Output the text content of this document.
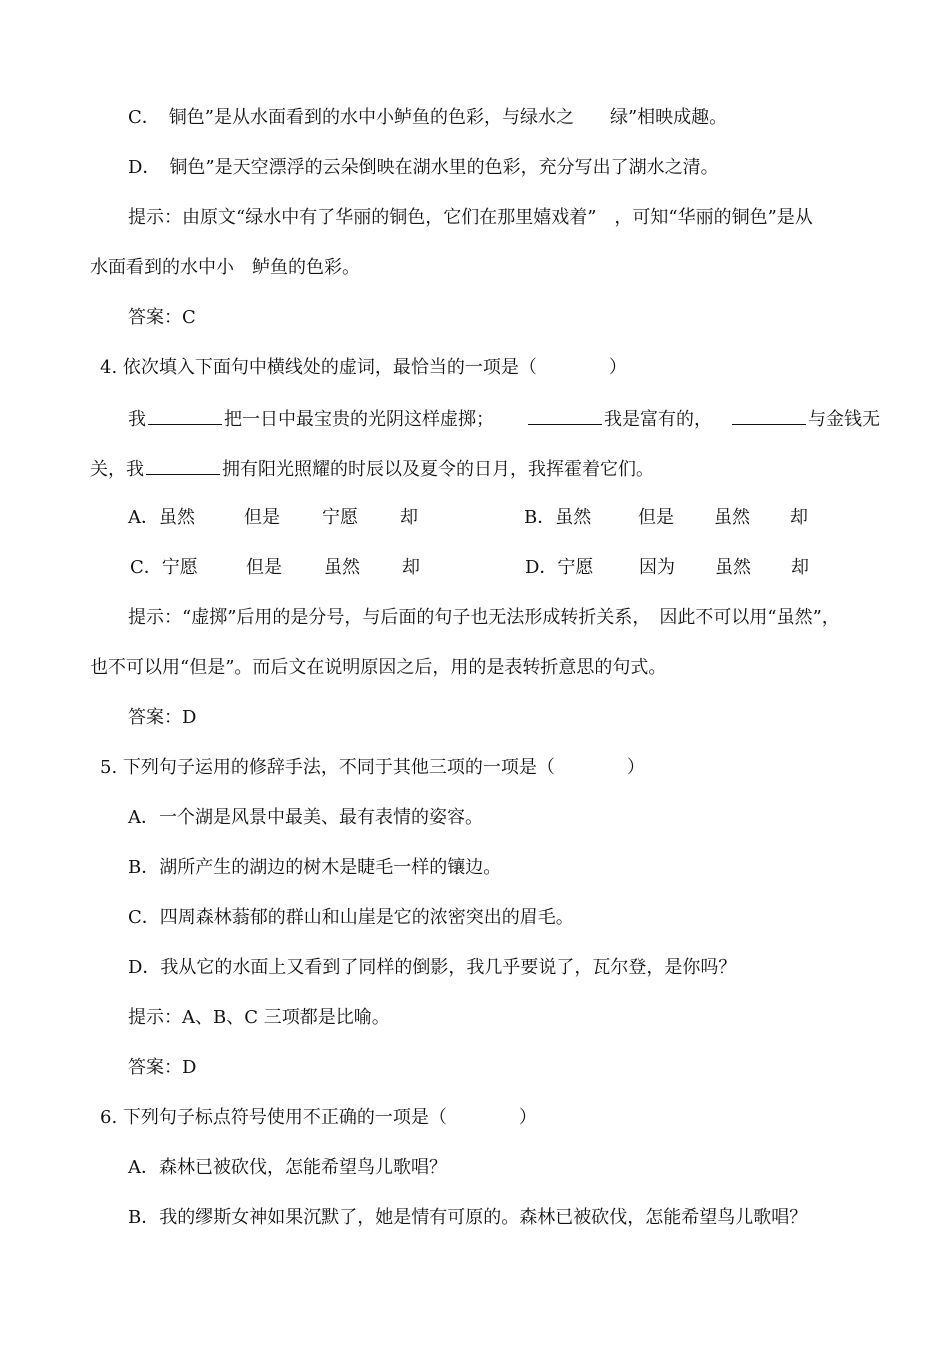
C．　铜色”是从水面看到的水中小鲈鱼的色彩，与绿水之　　绿”相映成趣。
D．　铜色”是天空漂浮的云朵倒映在湖水里的色彩，充分写出了湖水之清。
提示：由原文“绿水中有了华丽的铜色，它们在那里嬉戏着”　，可知“华丽的铜色”是从
水面看到的水中小　鲈鱼的色彩。
答案：C
4. 依次填入下面句中横线处的虚词，最恰当的一项是（　　　　）
我	把一日中最宝贵的光阴这样虚掷；	我是富有的，	与金钱无
关，我	拥有阳光照耀的时辰以及夏令的日月，我挥霍着它们。
A．虽然	但是 宁愿 却	B．虽然	但是 虽然 却
C．宁愿	但是 虽然 却	D．宁愿	因为 虽然 却
提示：“虚掷”后用的是分号，与后面的句子也无法形成转折关系，　因此不可以用“虽然”，
也不可以用“但是”。而后文在说明原因之后，用的是表转折意思的句式。
答案：D
5. 下列句子运用的修辞手法，不同于其他三项的一项是（　　　　）
A．一个湖是风景中最美、最有表情的姿容。
B．湖所产生的湖边的树木是睫毛一样的镶边。
C．四周森林蓊郁的群山和山崖是它的浓密突出的眉毛。
D．我从它的水面上又看到了同样的倒影，我几乎要说了，瓦尔登，是你吗？
提示：A、B、C 三项都是比喻。
答案：D
6. 下列句子标点符号使用不正确的一项是（　　　　）
A．森林已被砍伐，怎能希望鸟儿歌唱？
B．我的缪斯女神如果沉默了，她是情有可原的。森林已被砍伐，怎能希望鸟儿歌唱？
